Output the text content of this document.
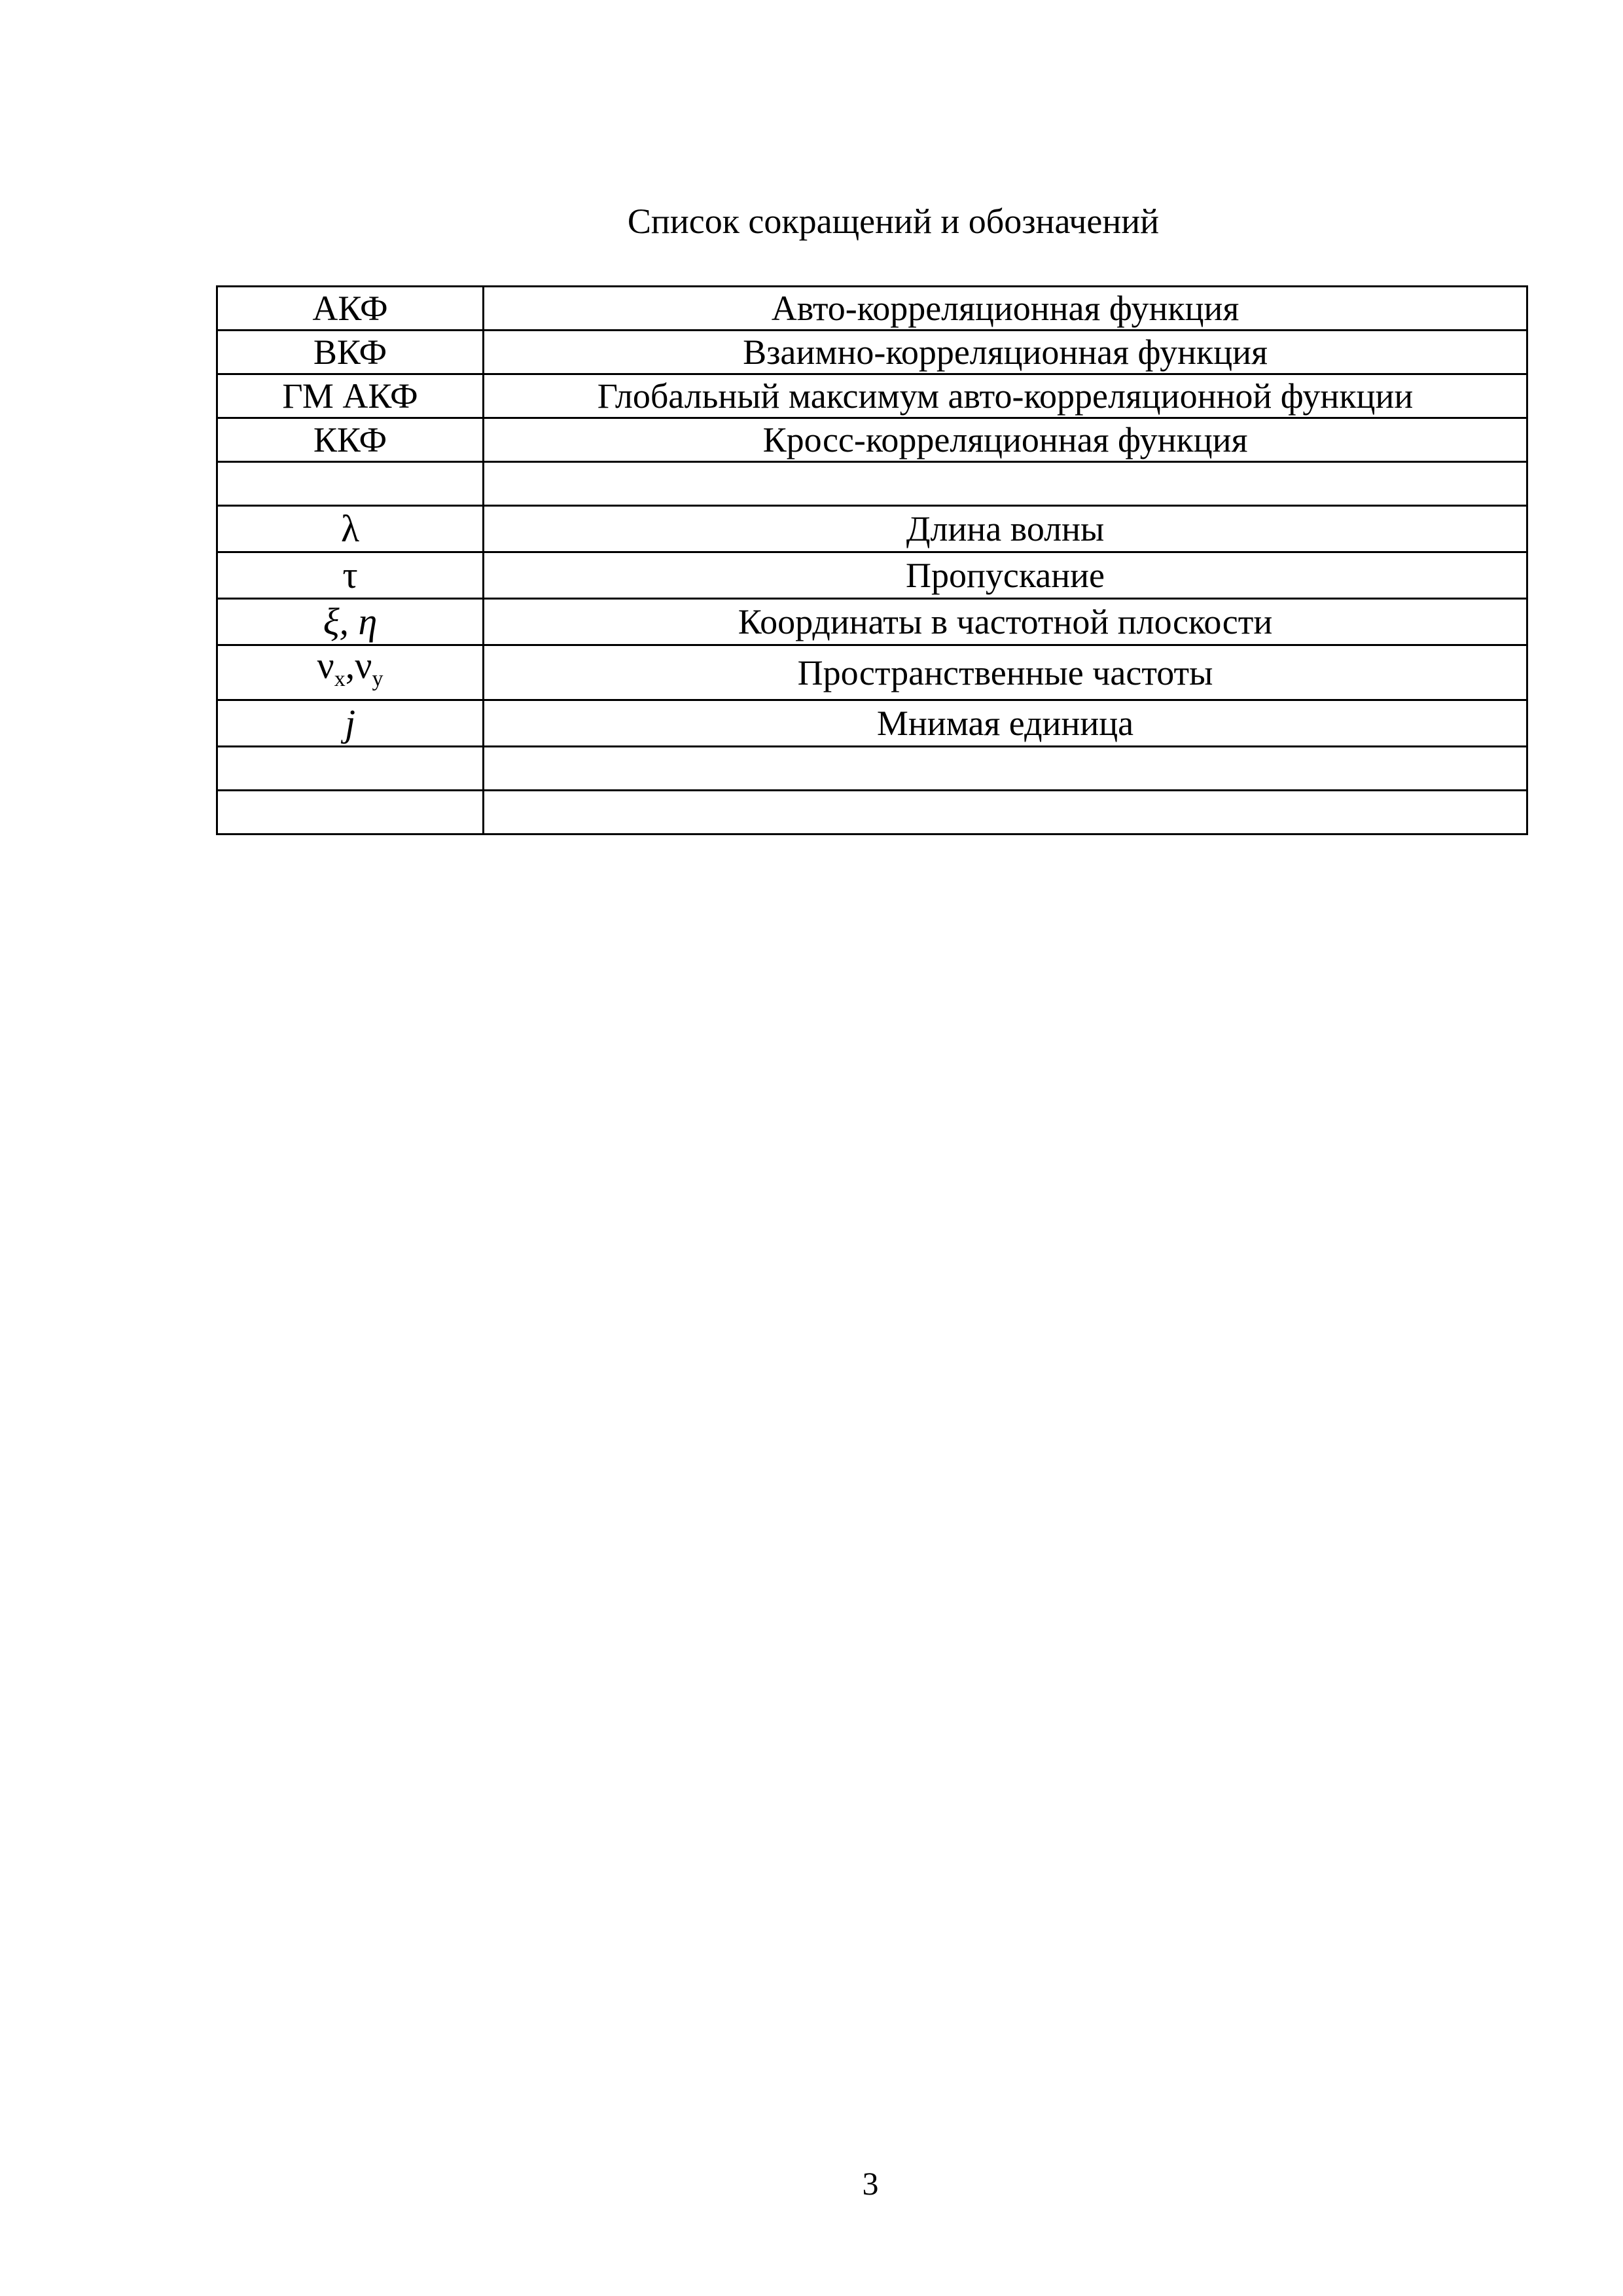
Список сокращений и обозначений
АКФ	Авто-корреляционная функция
ВКФ	Взаимно-корреляционная функция
ГМ АКФ	Глобальный максимум авто-корреляционной функции
ККФ	Кросс-корреляционная функция

λ	Длина волны
τ	Пропускание
ξ, η	Координаты в частотной плоскости
$\nu_x,\nu_y$	Пространственные частоты
j	Мнимая единица

3
